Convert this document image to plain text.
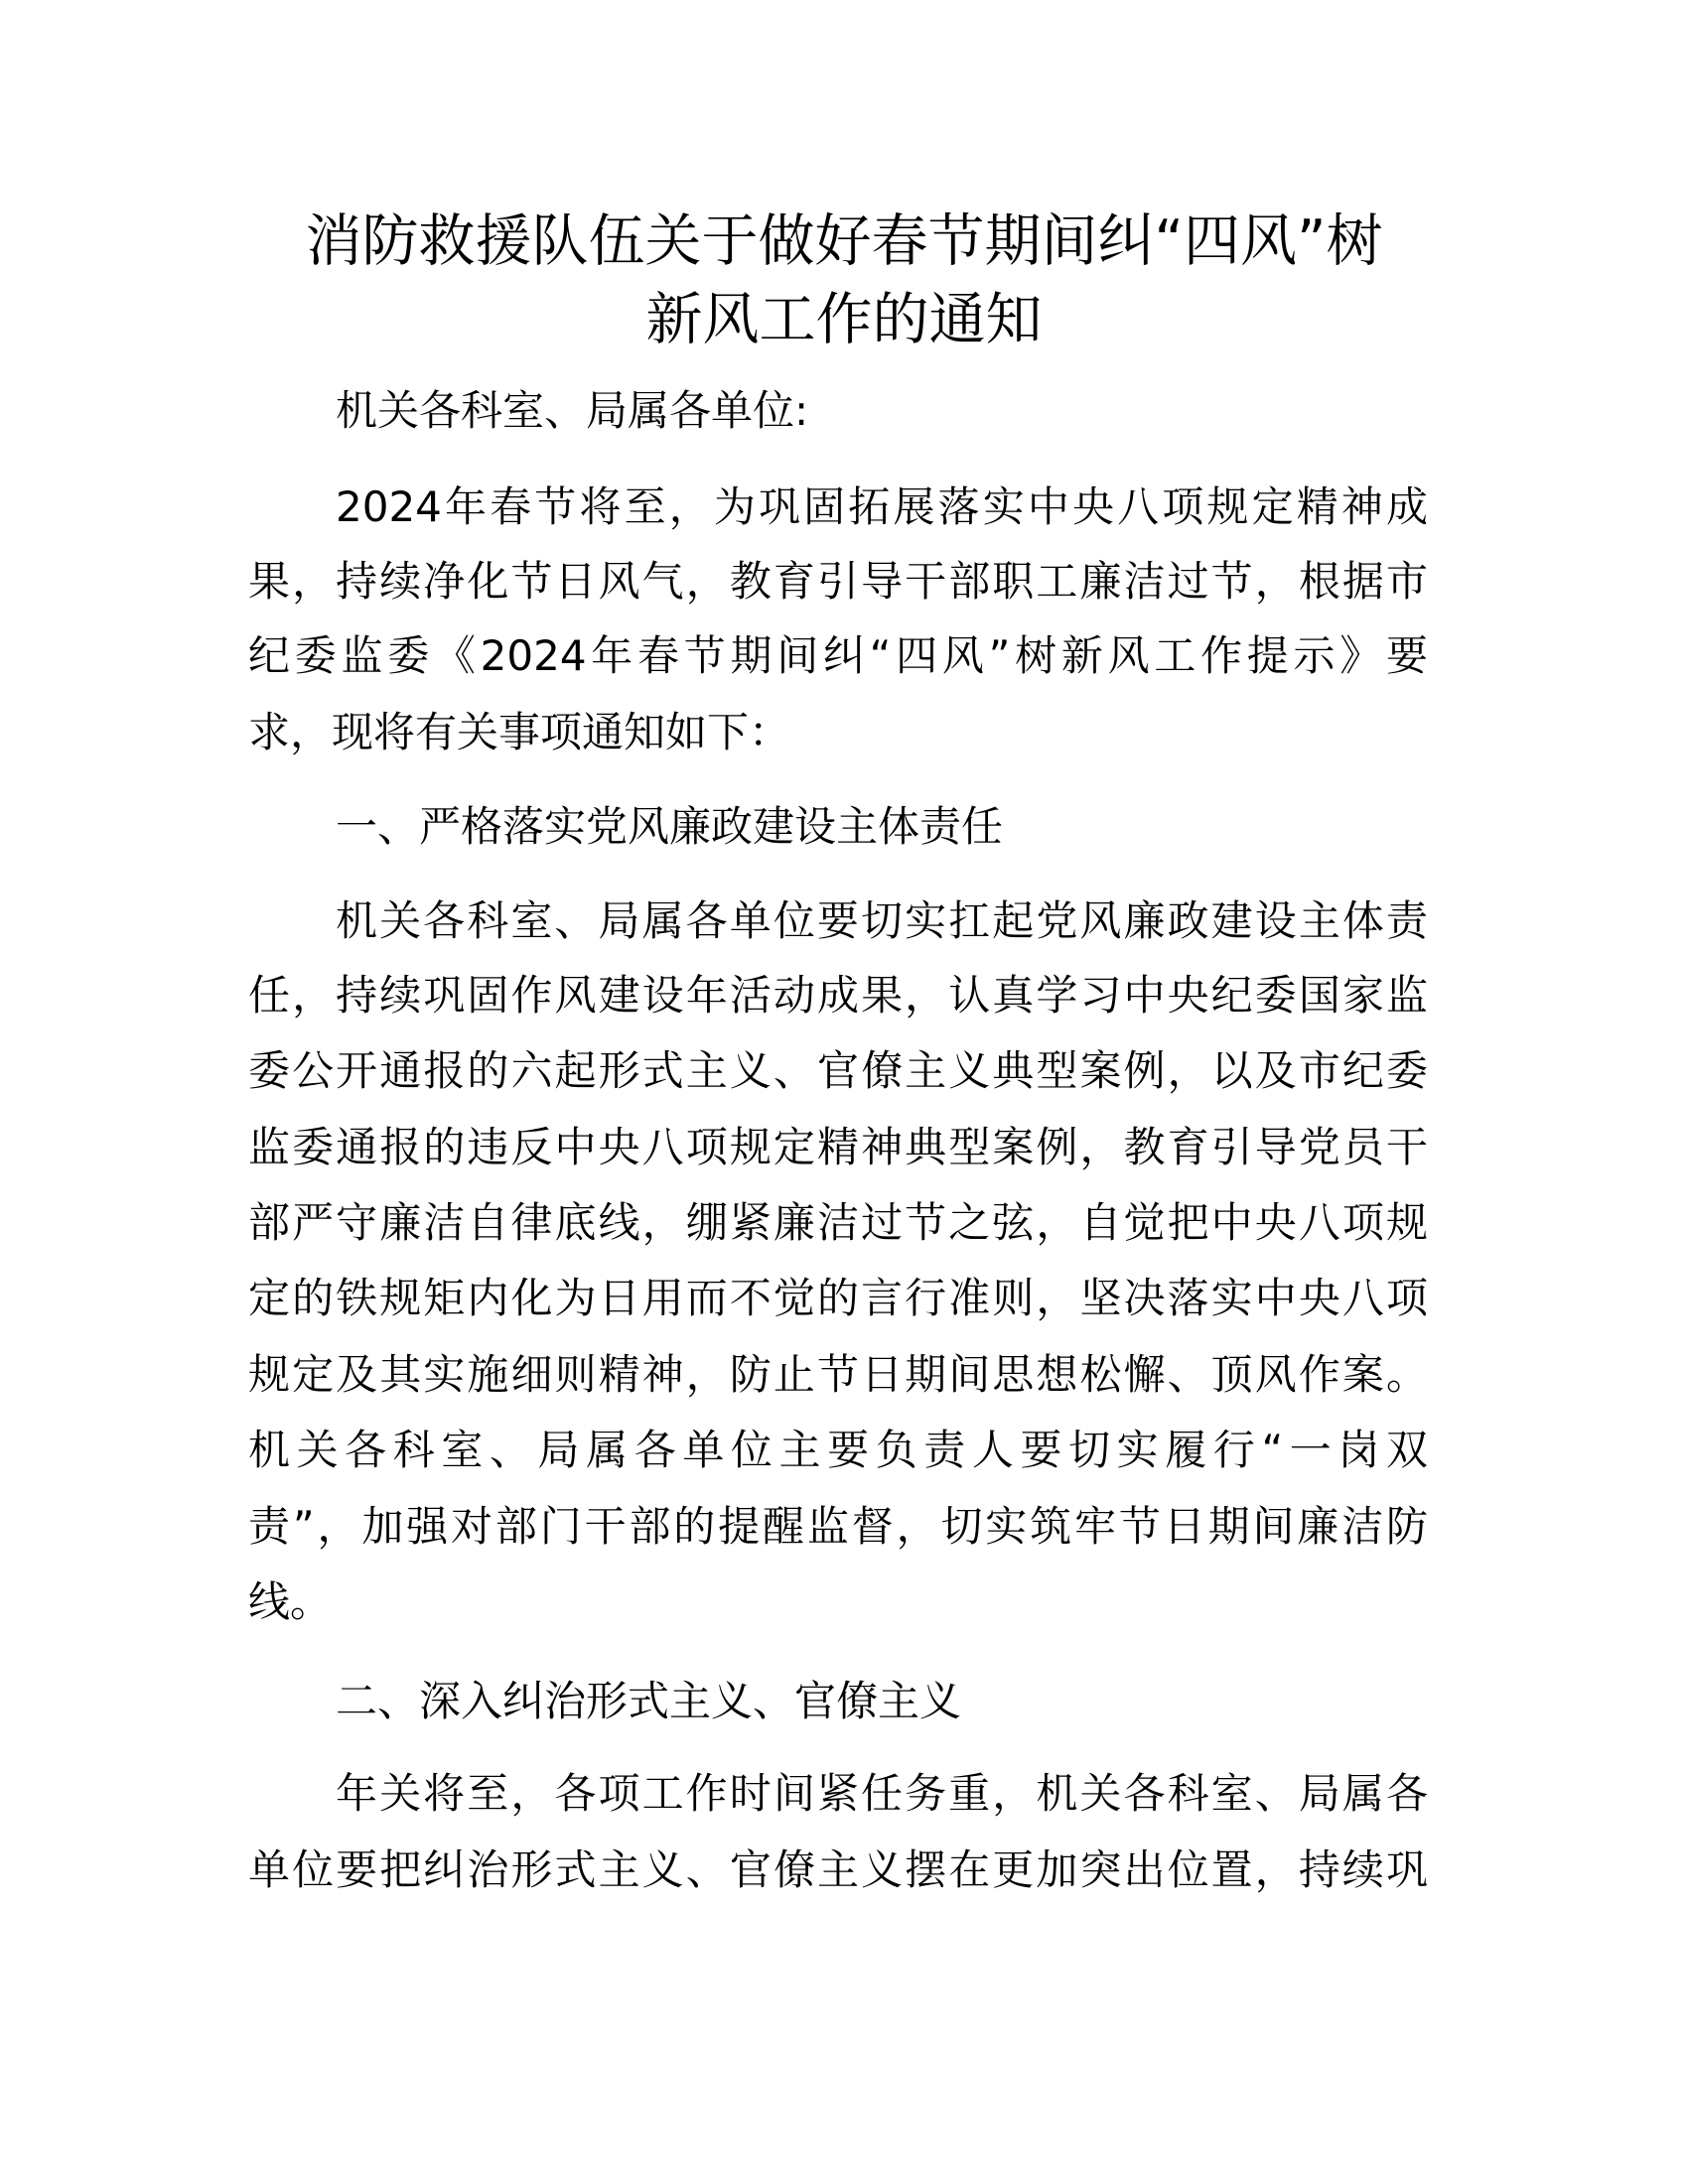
消防救援队伍关于做好春节期间纠“四风”树
新风工作的通知
机关各科室、局属各单位:
2024年春节将至，为巩固拓展落实中央八项规定精神成
果，持续净化节日风气，教育引导干部职工廉洁过节，根据市
纪委监委《2024年春节期间纠“四风”树新风工作提示》要
求，现将有关事项通知如下：
一、严格落实党风廉政建设主体责任
机关各科室、局属各单位要切实扛起党风廉政建设主体责
任，持续巩固作风建设年活动成果，认真学习中央纪委国家监
委公开通报的六起形式主义、官僚主义典型案例，以及市纪委
监委通报的违反中央八项规定精神典型案例，教育引导党员干
部严守廉洁自律底线，绷紧廉洁过节之弦，自觉把中央八项规
定的铁规矩内化为日用而不觉的言行准则，坚决落实中央八项
规定及其实施细则精神，防止节日期间思想松懈、顶风作案。
机关各科室、局属各单位主要负责人要切实履行“一岗双
责”，加强对部门干部的提醒监督，切实筑牢节日期间廉洁防
线。
二、深入纠治形式主义、官僚主义
年关将至，各项工作时间紧任务重，机关各科室、局属各
单位要把纠治形式主义、官僚主义摆在更加突出位置，持续巩
